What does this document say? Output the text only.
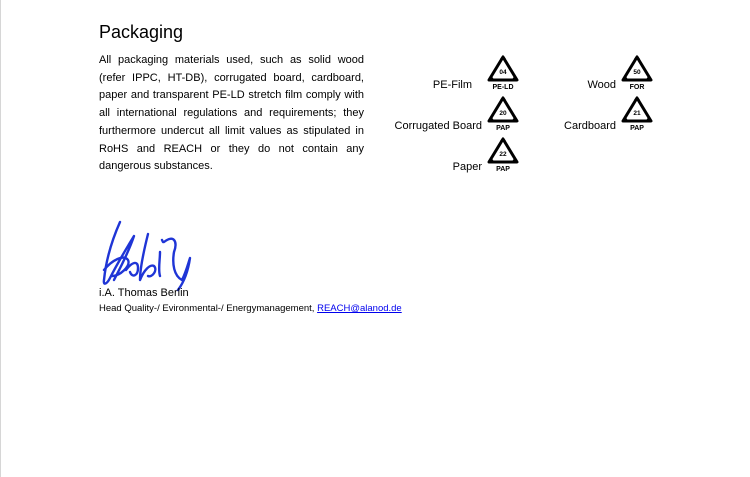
Packaging

All packaging materials used, such as solid wood (refer IPPC, HT-DB), corrugated board, cardboard, paper and transparent PE-LD stretch film comply with all international regulations and requirements; they furthermore undercut all limit values as stipulated in RoHS and REACH or they do not contain any dangerous substances.

PE-Film
04
PE-LD	Wood
50
FOR
Corrugated Board
20
PAP	Cardboard
21
PAP
Paper
22
PAP
i.A. Thomas Berlin
Head Quality-/ Evironmental-/ Energymanagement, REACH@alanod.de
